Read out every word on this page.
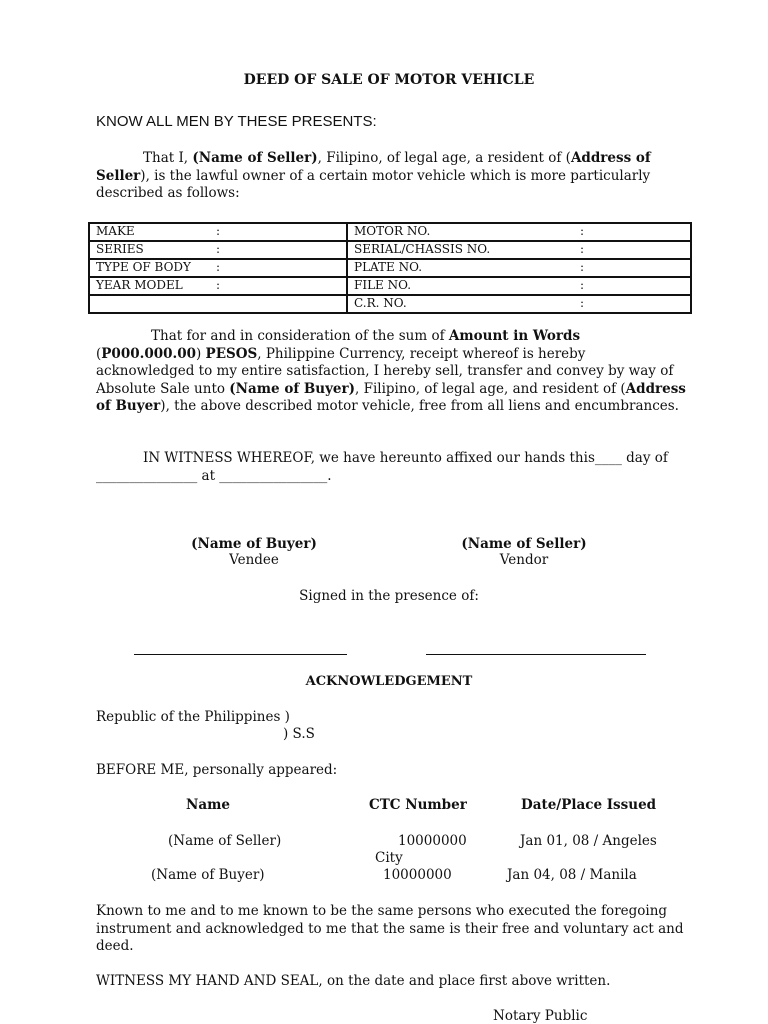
DEED OF SALE OF MOTOR VEHICLE
KNOW ALL MEN BY THESE PRESENTS:
That I, (Name of Seller), Filipino, of legal age, a resident of (Address of Seller), is the lawful owner of a certain motor vehicle which is more particularly described as follows:
MAKE :	MOTOR NO. :

SERIES :	SERIAL/CHASSIS NO. :

TYPE OF BODY :	PLATE NO. :

YEAR MODEL :	FILE NO. :

	C.R. NO. :
That for and in consideration of the sum of Amount in Words (P000.000.00) PESOS, Philippine Currency, receipt whereof is hereby acknowledged to my entire satisfaction, I hereby sell, transfer and convey by way of Absolute Sale unto (Name of Buyer), Filipino, of legal age, and resident of (Address of Buyer), the above described motor vehicle, free from all liens and encumbrances.
IN WITNESS WHEREOF, we have hereunto affixed our hands this____ day of _______________ at ________________.
(Name of Buyer)
Vendee
(Name of Seller)
Vendor
Signed in the presence of:
ACKNOWLEDGEMENT
Republic of the Philippines )
) S.S
BEFORE ME, personally appeared:
Name	CTC Number	Date/Place Issued
(Name of Seller)	10000000	Jan 01, 08 / Angeles
City
(Name of Buyer)	10000000	Jan 04, 08 / Manila
Known to me and to me known to be the same persons who executed the foregoing instrument and acknowledged to me that the same is their free and voluntary act and deed.
WITNESS MY HAND AND SEAL, on the date and place first above written.
Notary Public
